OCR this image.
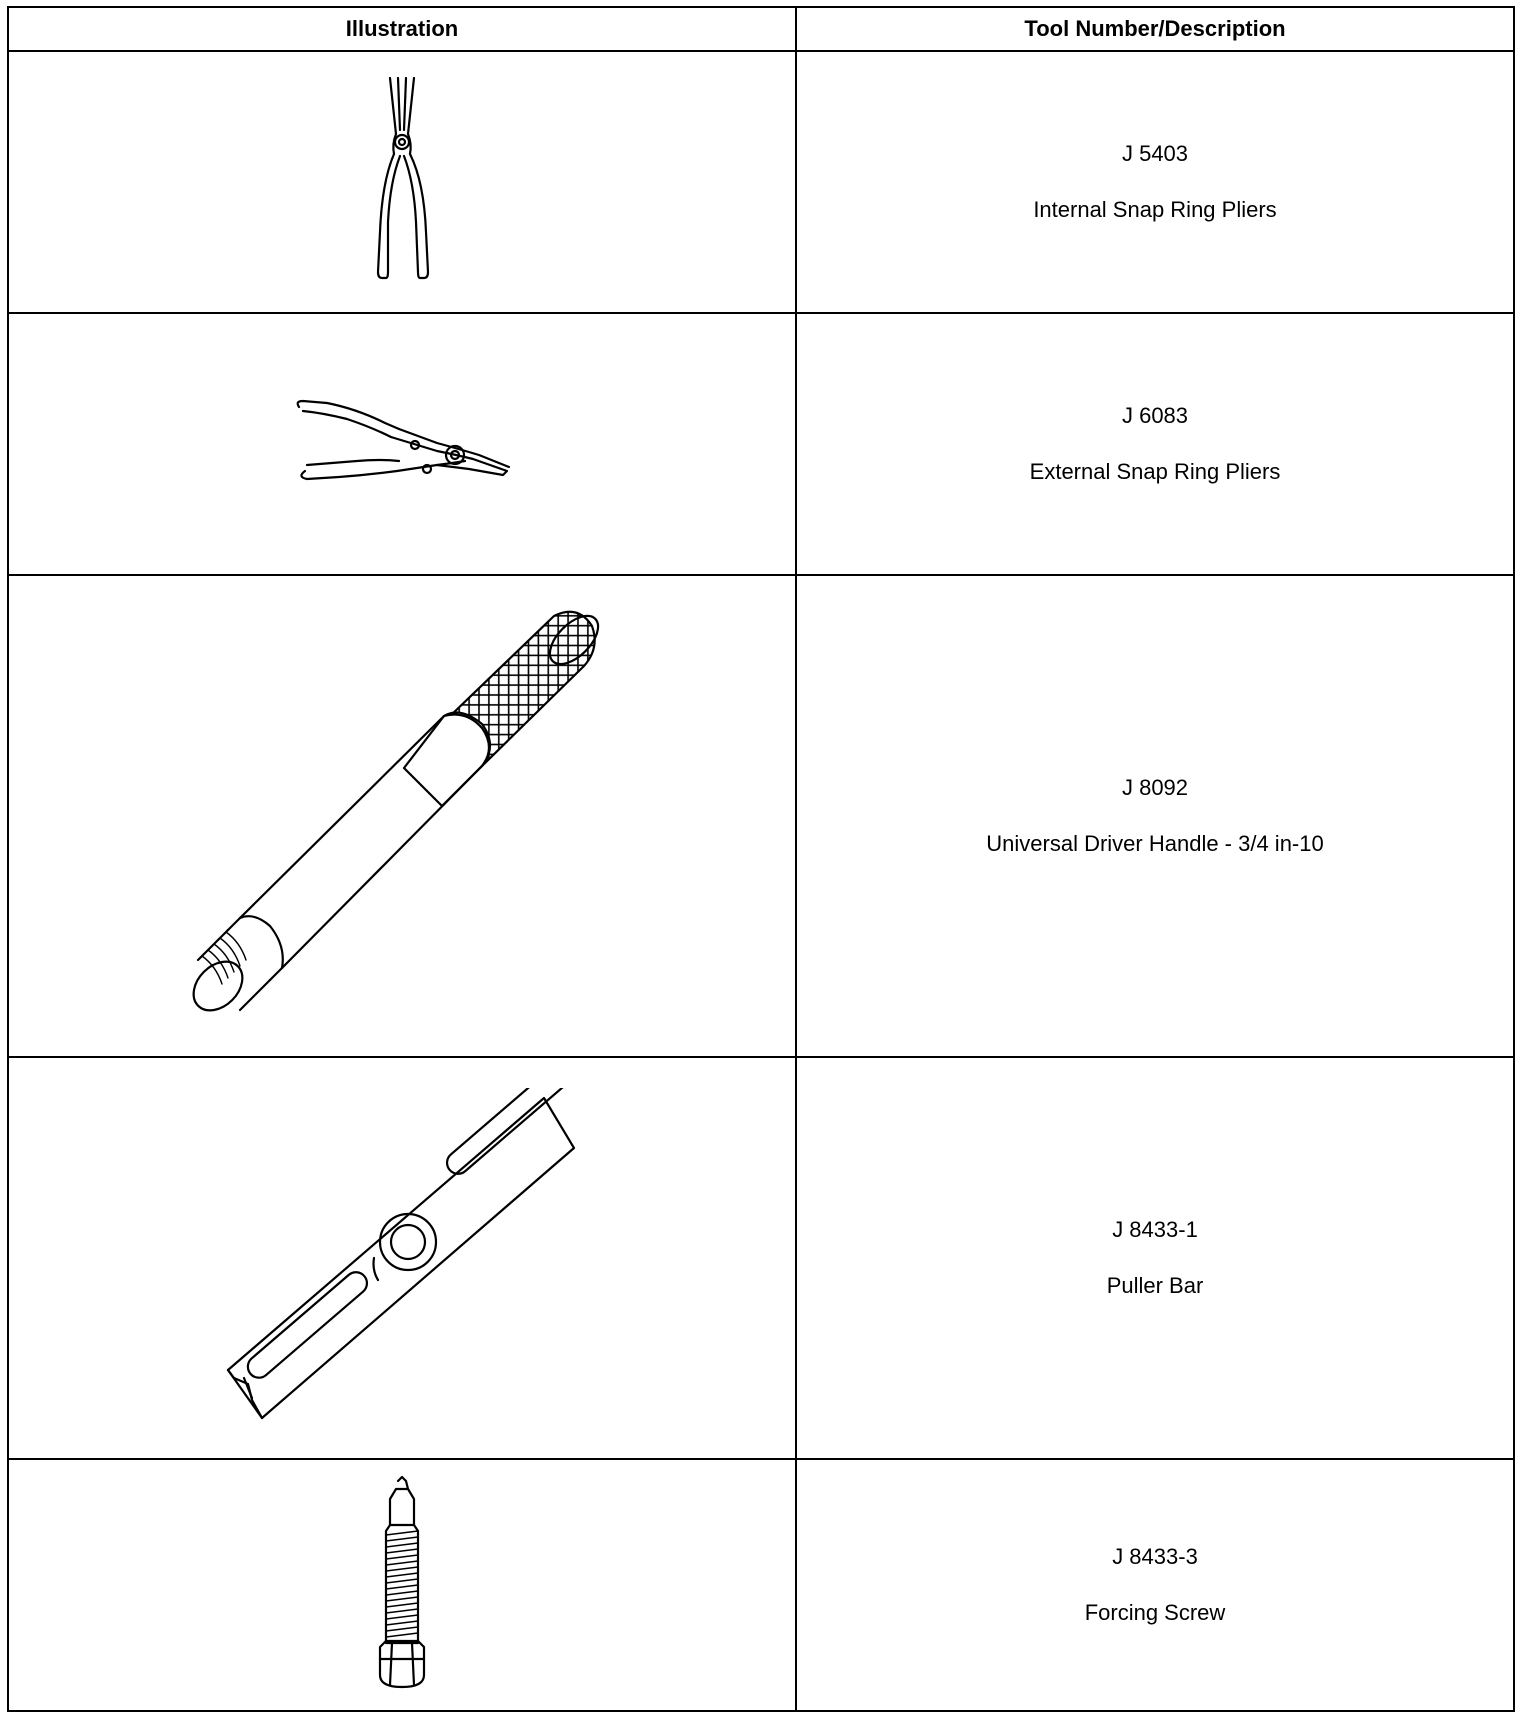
Illustration	Tool Number/Description

J 5403
Internal Snap Ring Pliers

J 6083
External Snap Ring Pliers

J 8092
Universal Driver Handle - 3/4 in-10

J 8433-1
Puller Bar

J 8433-3
Forcing Screw
